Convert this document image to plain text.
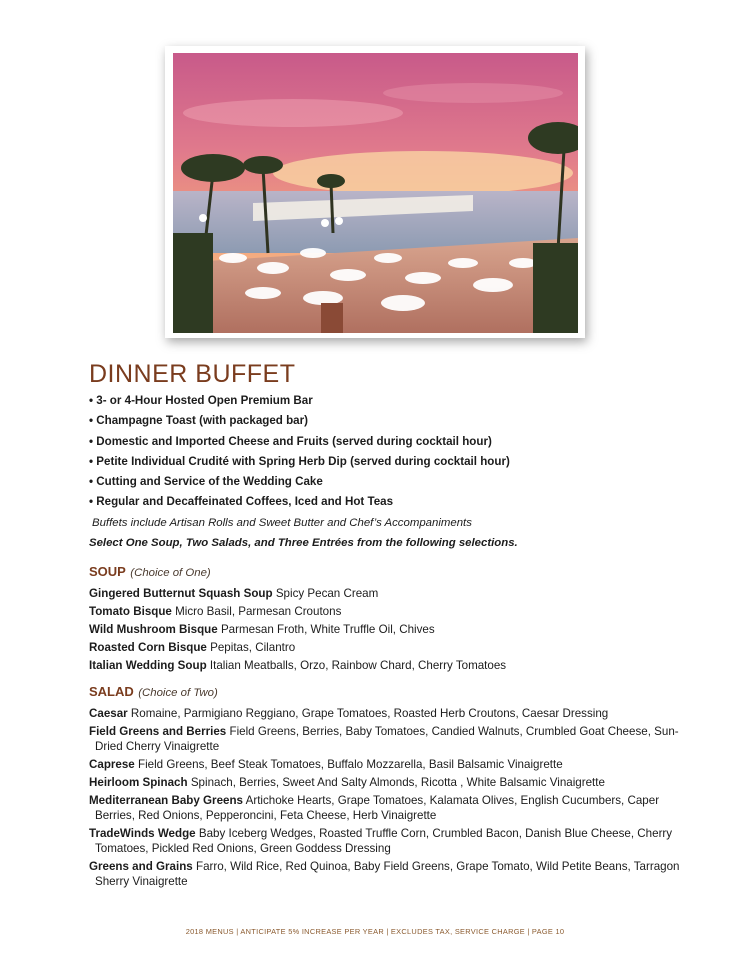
DINNER BUFFET
• 3- or 4-Hour Hosted Open Premium Bar
• Champagne Toast (with packaged bar)
• Domestic and Imported Cheese and Fruits (served during cocktail hour)
• Petite Individual Crudité with Spring Herb Dip (served during cocktail hour)
• Cutting and Service of the Wedding Cake
• Regular and Decaffeinated Coffees, Iced and Hot Teas
Buffets include Artisan Rolls and Sweet Butter and Chef’s Accompaniments
Select One Soup, Two Salads, and Three Entrées from the following selections.
SOUP (Choice of One)
Gingered Butternut Squash Soup Spicy Pecan Cream
Tomato Bisque Micro Basil, Parmesan Croutons
Wild Mushroom Bisque Parmesan Froth, White Truffle Oil, Chives
Roasted Corn Bisque Pepitas, Cilantro
Italian Wedding Soup Italian Meatballs, Orzo, Rainbow Chard, Cherry Tomatoes
SALAD (Choice of Two)
Caesar Romaine, Parmigiano Reggiano, Grape Tomatoes, Roasted Herb Croutons, Caesar Dressing
Field Greens and Berries Field Greens, Berries, Baby Tomatoes, Candied Walnuts, Crumbled Goat Cheese, Sun-Dried Cherry Vinaigrette
Caprese Field Greens, Beef Steak Tomatoes, Buffalo Mozzarella, Basil Balsamic Vinaigrette
Heirloom Spinach Spinach, Berries, Sweet And Salty Almonds, Ricotta , White Balsamic Vinaigrette
Mediterranean Baby Greens Artichoke Hearts, Grape Tomatoes, Kalamata Olives, English Cucumbers, Caper Berries, Red Onions, Pepperoncini, Feta Cheese, Herb Vinaigrette
TradeWinds Wedge Baby Iceberg Wedges, Roasted Truffle Corn, Crumbled Bacon, Danish Blue Cheese, Cherry Tomatoes, Pickled Red Onions, Green Goddess Dressing
Greens and Grains Farro, Wild Rice, Red Quinoa, Baby Field Greens, Grape Tomato, Wild Petite Beans, Tarragon Sherry Vinaigrette
2018 MENUS | ANTICIPATE 5% INCREASE PER YEAR | EXCLUDES TAX, SERVICE CHARGE | PAGE 10
